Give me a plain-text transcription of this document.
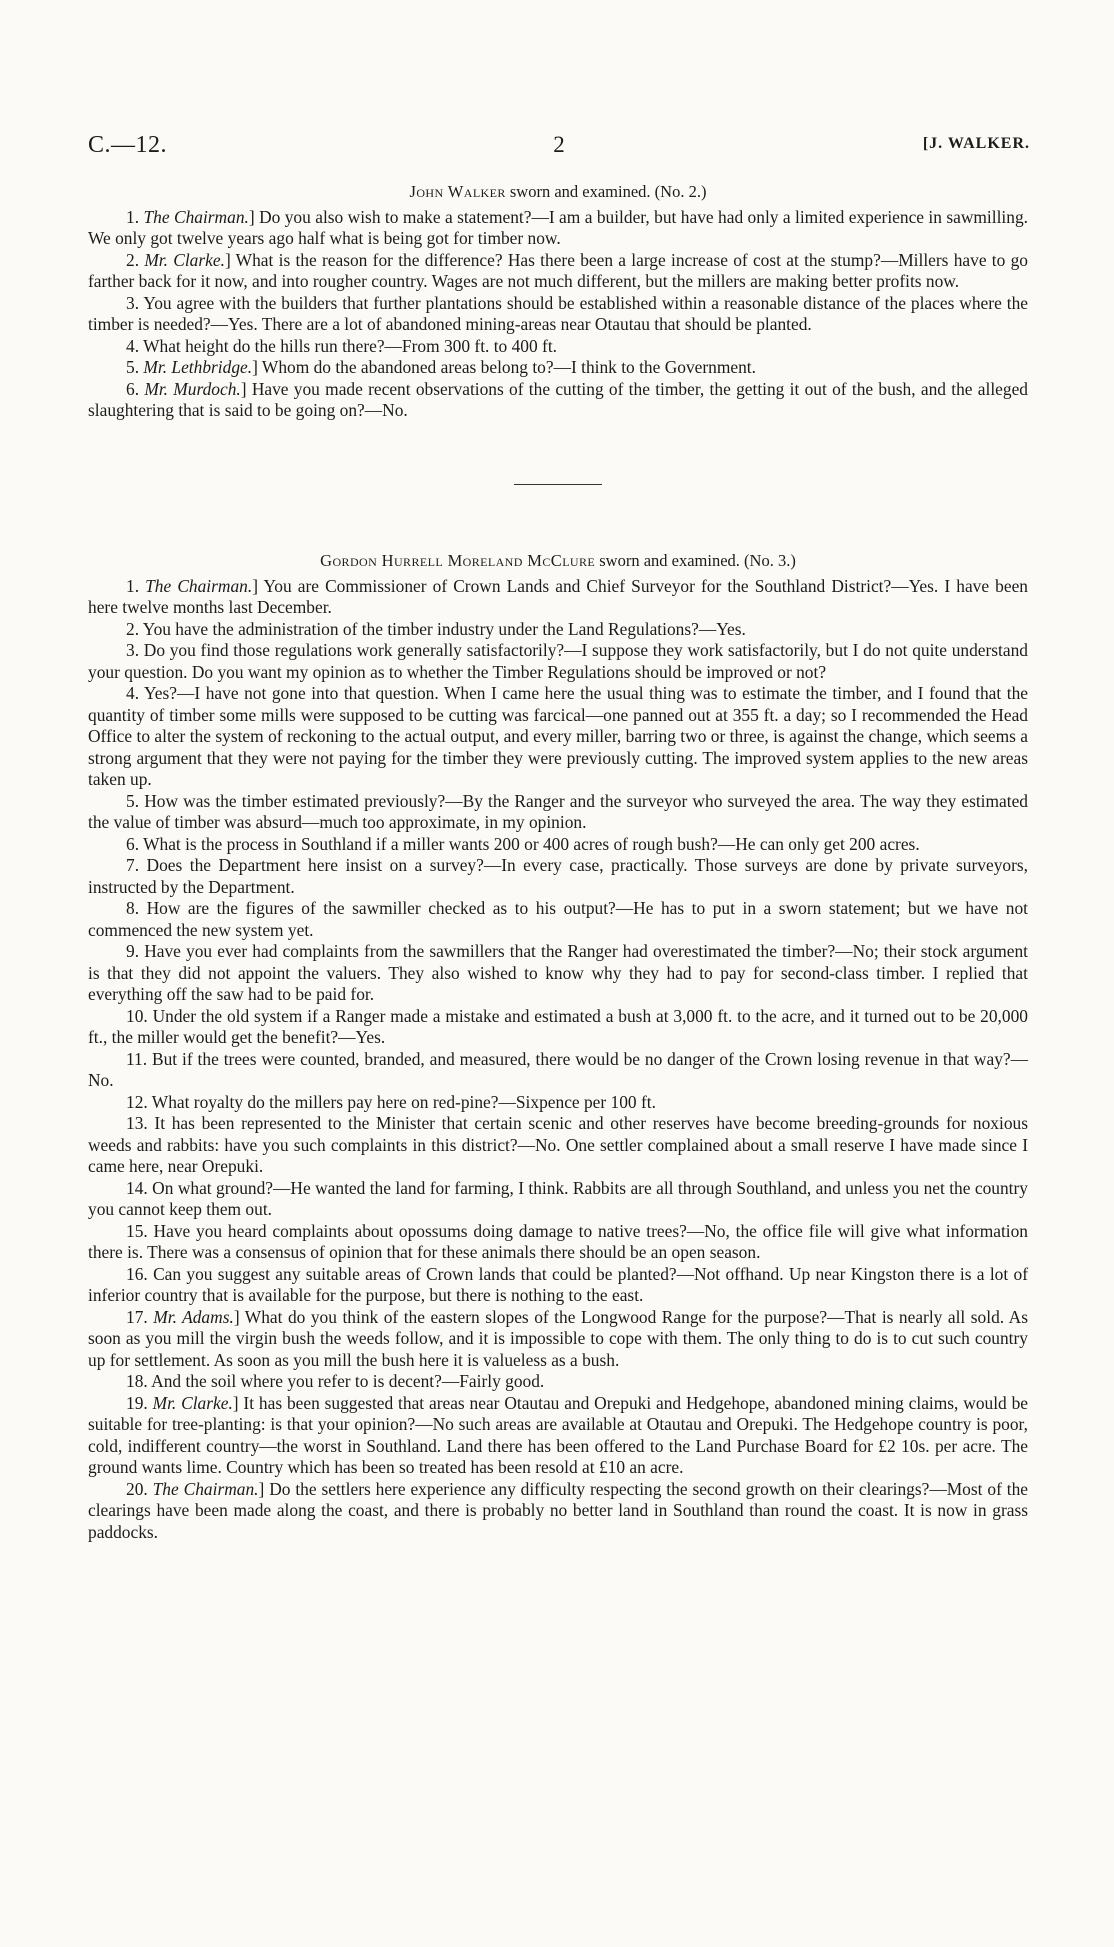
C.—12.	2	[J. WALKER.
John Walker sworn and examined. (No. 2.)

1. The Chairman.] Do you also wish to make a statement?—I am a builder, but have had only a limited experience in sawmilling. We only got twelve years ago half what is being got for timber now.

2. Mr. Clarke.] What is the reason for the difference? Has there been a large increase of cost at the stump?—Millers have to go farther back for it now, and into rougher country. Wages are not much different, but the millers are making better profits now.

3. You agree with the builders that further plantations should be established within a reasonable distance of the places where the timber is needed?—Yes. There are a lot of abandoned mining-areas near Otautau that should be planted.

4. What height do the hills run there?—From 300 ft. to 400 ft.

5. Mr. Lethbridge.] Whom do the abandoned areas belong to?—I think to the Government.

6. Mr. Murdoch.] Have you made recent observations of the cutting of the timber, the getting it out of the bush, and the alleged slaughtering that is said to be going on?—No.

Gordon Hurrell Moreland McClure sworn and examined. (No. 3.)

1. The Chairman.] You are Commissioner of Crown Lands and Chief Surveyor for the Southland District?—Yes. I have been here twelve months last December.

2. You have the administration of the timber industry under the Land Regulations?—Yes.

3. Do you find those regulations work generally satisfactorily?—I suppose they work satisfactorily, but I do not quite understand your question. Do you want my opinion as to whether the Timber Regulations should be improved or not?

4. Yes?—I have not gone into that question. When I came here the usual thing was to estimate the timber, and I found that the quantity of timber some mills were supposed to be cutting was farcical—one panned out at 355 ft. a day; so I recommended the Head Office to alter the system of reckoning to the actual output, and every miller, barring two or three, is against the change, which seems a strong argument that they were not paying for the timber they were previously cutting. The improved system applies to the new areas taken up.

5. How was the timber estimated previously?—By the Ranger and the surveyor who surveyed the area. The way they estimated the value of timber was absurd—much too approximate, in my opinion.

6. What is the process in Southland if a miller wants 200 or 400 acres of rough bush?—He can only get 200 acres.

7. Does the Department here insist on a survey?—In every case, practically. Those surveys are done by private surveyors, instructed by the Department.

8. How are the figures of the sawmiller checked as to his output?—He has to put in a sworn statement; but we have not commenced the new system yet.

9. Have you ever had complaints from the sawmillers that the Ranger had overestimated the timber?—No; their stock argument is that they did not appoint the valuers. They also wished to know why they had to pay for second-class timber. I replied that everything off the saw had to be paid for.

10. Under the old system if a Ranger made a mistake and estimated a bush at 3,000 ft. to the acre, and it turned out to be 20,000 ft., the miller would get the benefit?—Yes.

11. But if the trees were counted, branded, and measured, there would be no danger of the Crown losing revenue in that way?—No.

12. What royalty do the millers pay here on red-pine?—Sixpence per 100 ft.

13. It has been represented to the Minister that certain scenic and other reserves have become breeding-grounds for noxious weeds and rabbits: have you such complaints in this district?—No. One settler complained about a small reserve I have made since I came here, near Orepuki.

14. On what ground?—He wanted the land for farming, I think. Rabbits are all through Southland, and unless you net the country you cannot keep them out.

15. Have you heard complaints about opossums doing damage to native trees?—No, the office file will give what information there is. There was a consensus of opinion that for these animals there should be an open season.

16. Can you suggest any suitable areas of Crown lands that could be planted?—Not offhand. Up near Kingston there is a lot of inferior country that is available for the purpose, but there is nothing to the east.

17. Mr. Adams.] What do you think of the eastern slopes of the Longwood Range for the purpose?—That is nearly all sold. As soon as you mill the virgin bush the weeds follow, and it is impossible to cope with them. The only thing to do is to cut such country up for settlement. As soon as you mill the bush here it is valueless as a bush.

18. And the soil where you refer to is decent?—Fairly good.

19. Mr. Clarke.] It has been suggested that areas near Otautau and Orepuki and Hedgehope, abandoned mining claims, would be suitable for tree-planting: is that your opinion?—No such areas are available at Otautau and Orepuki. The Hedgehope country is poor, cold, indifferent country—the worst in Southland. Land there has been offered to the Land Purchase Board for £2 10s. per acre. The ground wants lime. Country which has been so treated has been resold at £10 an acre.

20. The Chairman.] Do the settlers here experience any difficulty respecting the second growth on their clearings?—Most of the clearings have been made along the coast, and there is probably no better land in Southland than round the coast. It is now in grass paddocks.
